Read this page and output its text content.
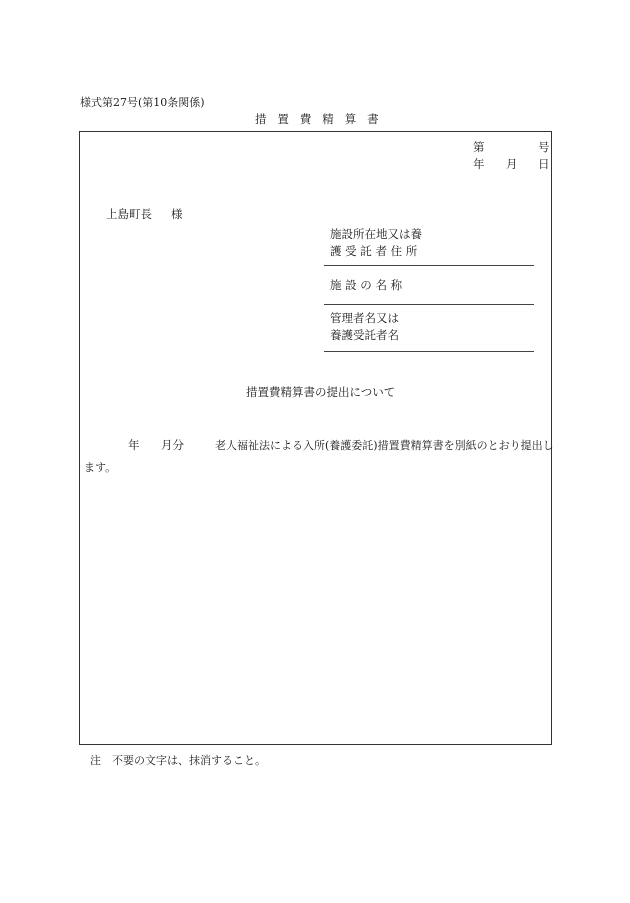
様式第27号(第10条関係)
措置費精算書
第	号
年 月 日
上島町長 様
施設所在地又は養
護 受 託 者 住 所
施 設 の 名 称
管理者名又は
養護受託者名
措置費精算書の提出について
年 月分	老人福祉法による入所(養護委託)措置費精算書を別紙のとおり提出し
ます。
注　不要の文字は、抹消すること。
